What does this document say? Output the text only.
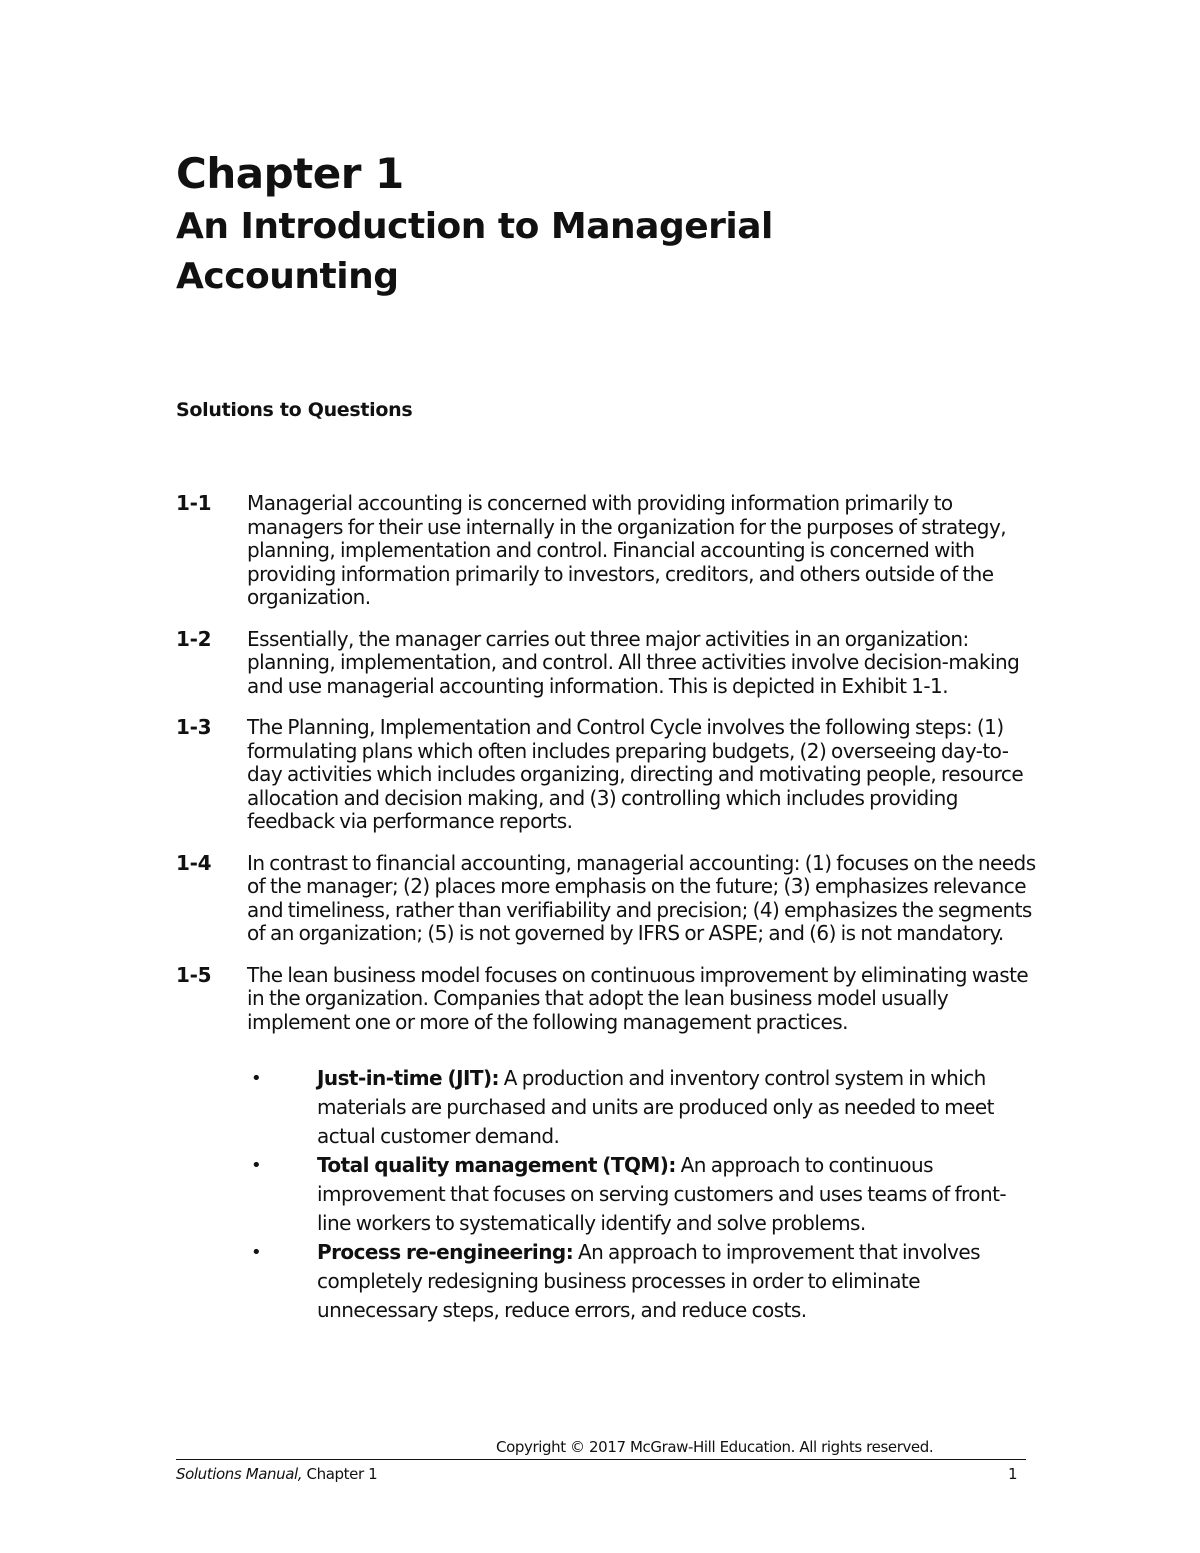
Chapter 1
An Introduction to Managerial Accounting
Solutions to Questions
1-1	Managerial accounting is concerned with providing information primarily to managers for their use internally in the organization for the purposes of strategy, planning, implementation and control. Financial accounting is concerned with providing information primarily to investors, creditors, and others outside of the organization.
1-2	Essentially, the manager carries out three major activities in an organization: planning, implementation, and control. All three activities involve decision-making and use managerial accounting information. This is depicted in Exhibit 1-1.
1-3	The Planning, Implementation and Control Cycle involves the following steps: (1) formulating plans which often includes preparing budgets, (2) overseeing day-to-day activities which includes organizing, directing and motivating people, resource allocation and decision making, and (3) controlling which includes providing feedback via performance reports.
1-4	In contrast to financial accounting, managerial accounting: (1) focuses on the needs of the manager; (2) places more emphasis on the future; (3) emphasizes relevance and timeliness, rather than verifiability and precision; (4) emphasizes the segments of an organization; (5) is not governed by IFRS or ASPE; and (6) is not mandatory.
1-5	The lean business model focuses on continuous improvement by eliminating waste in the organization. Companies that adopt the lean business model usually implement one or more of the following management practices.
•	Just-in-time (JIT): A production and inventory control system in which materials are purchased and units are produced only as needed to meet actual customer demand.
•	Total quality management (TQM): An approach to continuous improvement that focuses on serving customers and uses teams of front-line workers to systematically identify and solve problems.
•	Process re-engineering: An approach to improvement that involves completely redesigning business processes in order to eliminate unnecessary steps, reduce errors, and reduce costs.
Copyright © 2017 McGraw-Hill Education. All rights reserved.
Solutions Manual, Chapter 1	1
